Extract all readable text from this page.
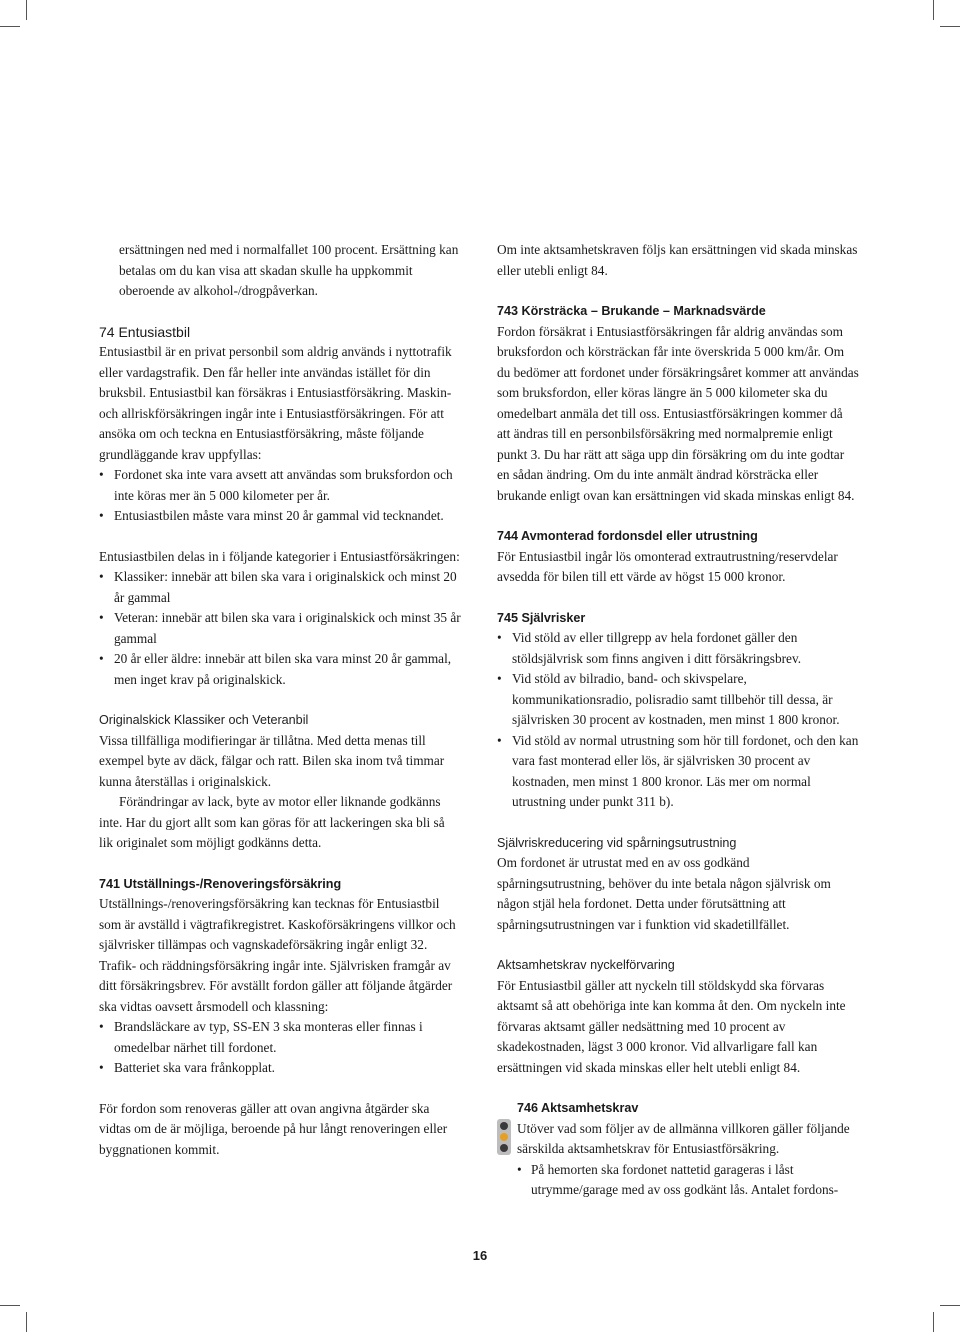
ersättningen ned med i normalfallet 100 procent. Ersättning kan betalas om du kan visa att skadan skulle ha uppkommit oberoende av alkohol-/drogpåverkan.

74 Entusiastbil

Entusiastbil är en privat personbil som aldrig används i nyttotrafik eller vardagstrafik. Den får heller inte användas istället för din bruksbil. Entusiastbil kan försäkras i Entusiastförsäkring. Maskin- och allriskförsäkringen ingår inte i Entusiastförsäkringen. För att ansöka om och teckna en Entusiastförsäkring, måste följande grundläggande krav uppfyllas:

• Fordonet ska inte vara avsett att användas som bruksfordon och inte köras mer än 5 000 kilometer per år.
• Entusiastbilen måste vara minst 20 år gammal vid tecknandet.

Entusiastbilen delas in i följande kategorier i Entusiastförsäkringen:

• Klassiker: innebär att bilen ska vara i originalskick och minst 20 år gammal
• Veteran: innebär att bilen ska vara i originalskick och minst 35 år gammal
• 20 år eller äldre: innebär att bilen ska vara minst 20 år gammal, men inget krav på originalskick.

Originalskick Klassiker och Veteranbil

Vissa tillfälliga modifieringar är tillåtna. Med detta menas till exempel byte av däck, fälgar och ratt. Bilen ska inom två timmar kunna återställas i originalskick.

Förändringar av lack, byte av motor eller liknande godkänns inte. Har du gjort allt som kan göras för att lackeringen ska bli så lik originalet som möjligt godkänns detta.

741 Utställnings-/Renoveringsförsäkring

Utställnings-/renoveringsförsäkring kan tecknas för Entusiastbil som är avställd i vägtrafikregistret. Kaskoförsäkringens villkor och självrisker tillämpas och vagnskadeförsäkring ingår enligt 32. Trafik- och räddningsförsäkring ingår inte. Självrisken framgår av ditt försäkringsbrev. För avställt fordon gäller att följande åtgärder ska vidtas oavsett årsmodell och klassning:

• Brandsläckare av typ, SS-EN 3 ska monteras eller finnas i omedelbar närhet till fordonet.
• Batteriet ska vara frånkopplat.

För fordon som renoveras gäller att ovan angivna åtgärder ska vidtas om de är möjliga, beroende på hur långt renoveringen eller byggnationen kommit.

Om inte aktsamhetskraven följs kan ersättningen vid skada minskas eller utebli enligt 84.

743 Körsträcka – Brukande – Marknadsvärde

Fordon försäkrat i Entusiastförsäkringen får aldrig användas som bruksfordon och körsträckan får inte överskrida 5 000 km/år. Om du bedömer att fordonet under försäkringsåret kommer att användas som bruksfordon, eller köras längre än 5 000 kilometer ska du omedelbart anmäla det till oss. Entusiastförsäkringen kommer då att ändras till en personbilsförsäkring med normalpremie enligt punkt 3. Du har rätt att säga upp din försäkring om du inte godtar en sådan ändring. Om du inte anmält ändrad körsträcka eller brukande enligt ovan kan ersättningen vid skada minskas enligt 84.

744 Avmonterad fordonsdel eller utrustning

För Entusiastbil ingår lös omonterad extrautrustning/reservdelar avsedda för bilen till ett värde av högst 15 000 kronor.

745 Självrisker

• Vid stöld av eller tillgrepp av hela fordonet gäller den stöldsjälvrisk som finns angiven i ditt försäkringsbrev.
• Vid stöld av bilradio, band- och skivspelare, kommunikationsradio, polisradio samt tillbehör till dessa, är självrisken 30 procent av kostnaden, men minst 1 800 kronor.
• Vid stöld av normal utrustning som hör till fordonet, och den kan vara fast monterad eller lös, är självrisken 30 procent av kostnaden, men minst 1 800 kronor. Läs mer om normal utrustning under punkt 311 b).

Självriskreducering vid spårningsutrustning

Om fordonet är utrustat med en av oss godkänd spårningsutrustning, behöver du inte betala någon självrisk om någon stjäl hela fordonet. Detta under förutsättning att spårningsutrustningen var i funktion vid skadetillfället.

Aktsamhetskrav nyckelförvaring

För Entusiastbil gäller att nyckeln till stöldskydd ska förvaras aktsamt så att obehöriga inte kan komma åt den. Om nyckeln inte förvaras aktsamt gäller nedsättning med 10 procent av skadekostnaden, lägst 3 000 kronor. Vid allvarligare fall kan ersättningen vid skada minskas eller helt utebli enligt 84.

746 Aktsamhetskrav

Utöver vad som följer av de allmänna villkoren gäller följande särskilda aktsamhetskrav för Entusiastförsäkring.

• På hemorten ska fordonet nattetid garageras i låst utrymme/garage med av oss godkänt lås. Antalet fordons-
16
